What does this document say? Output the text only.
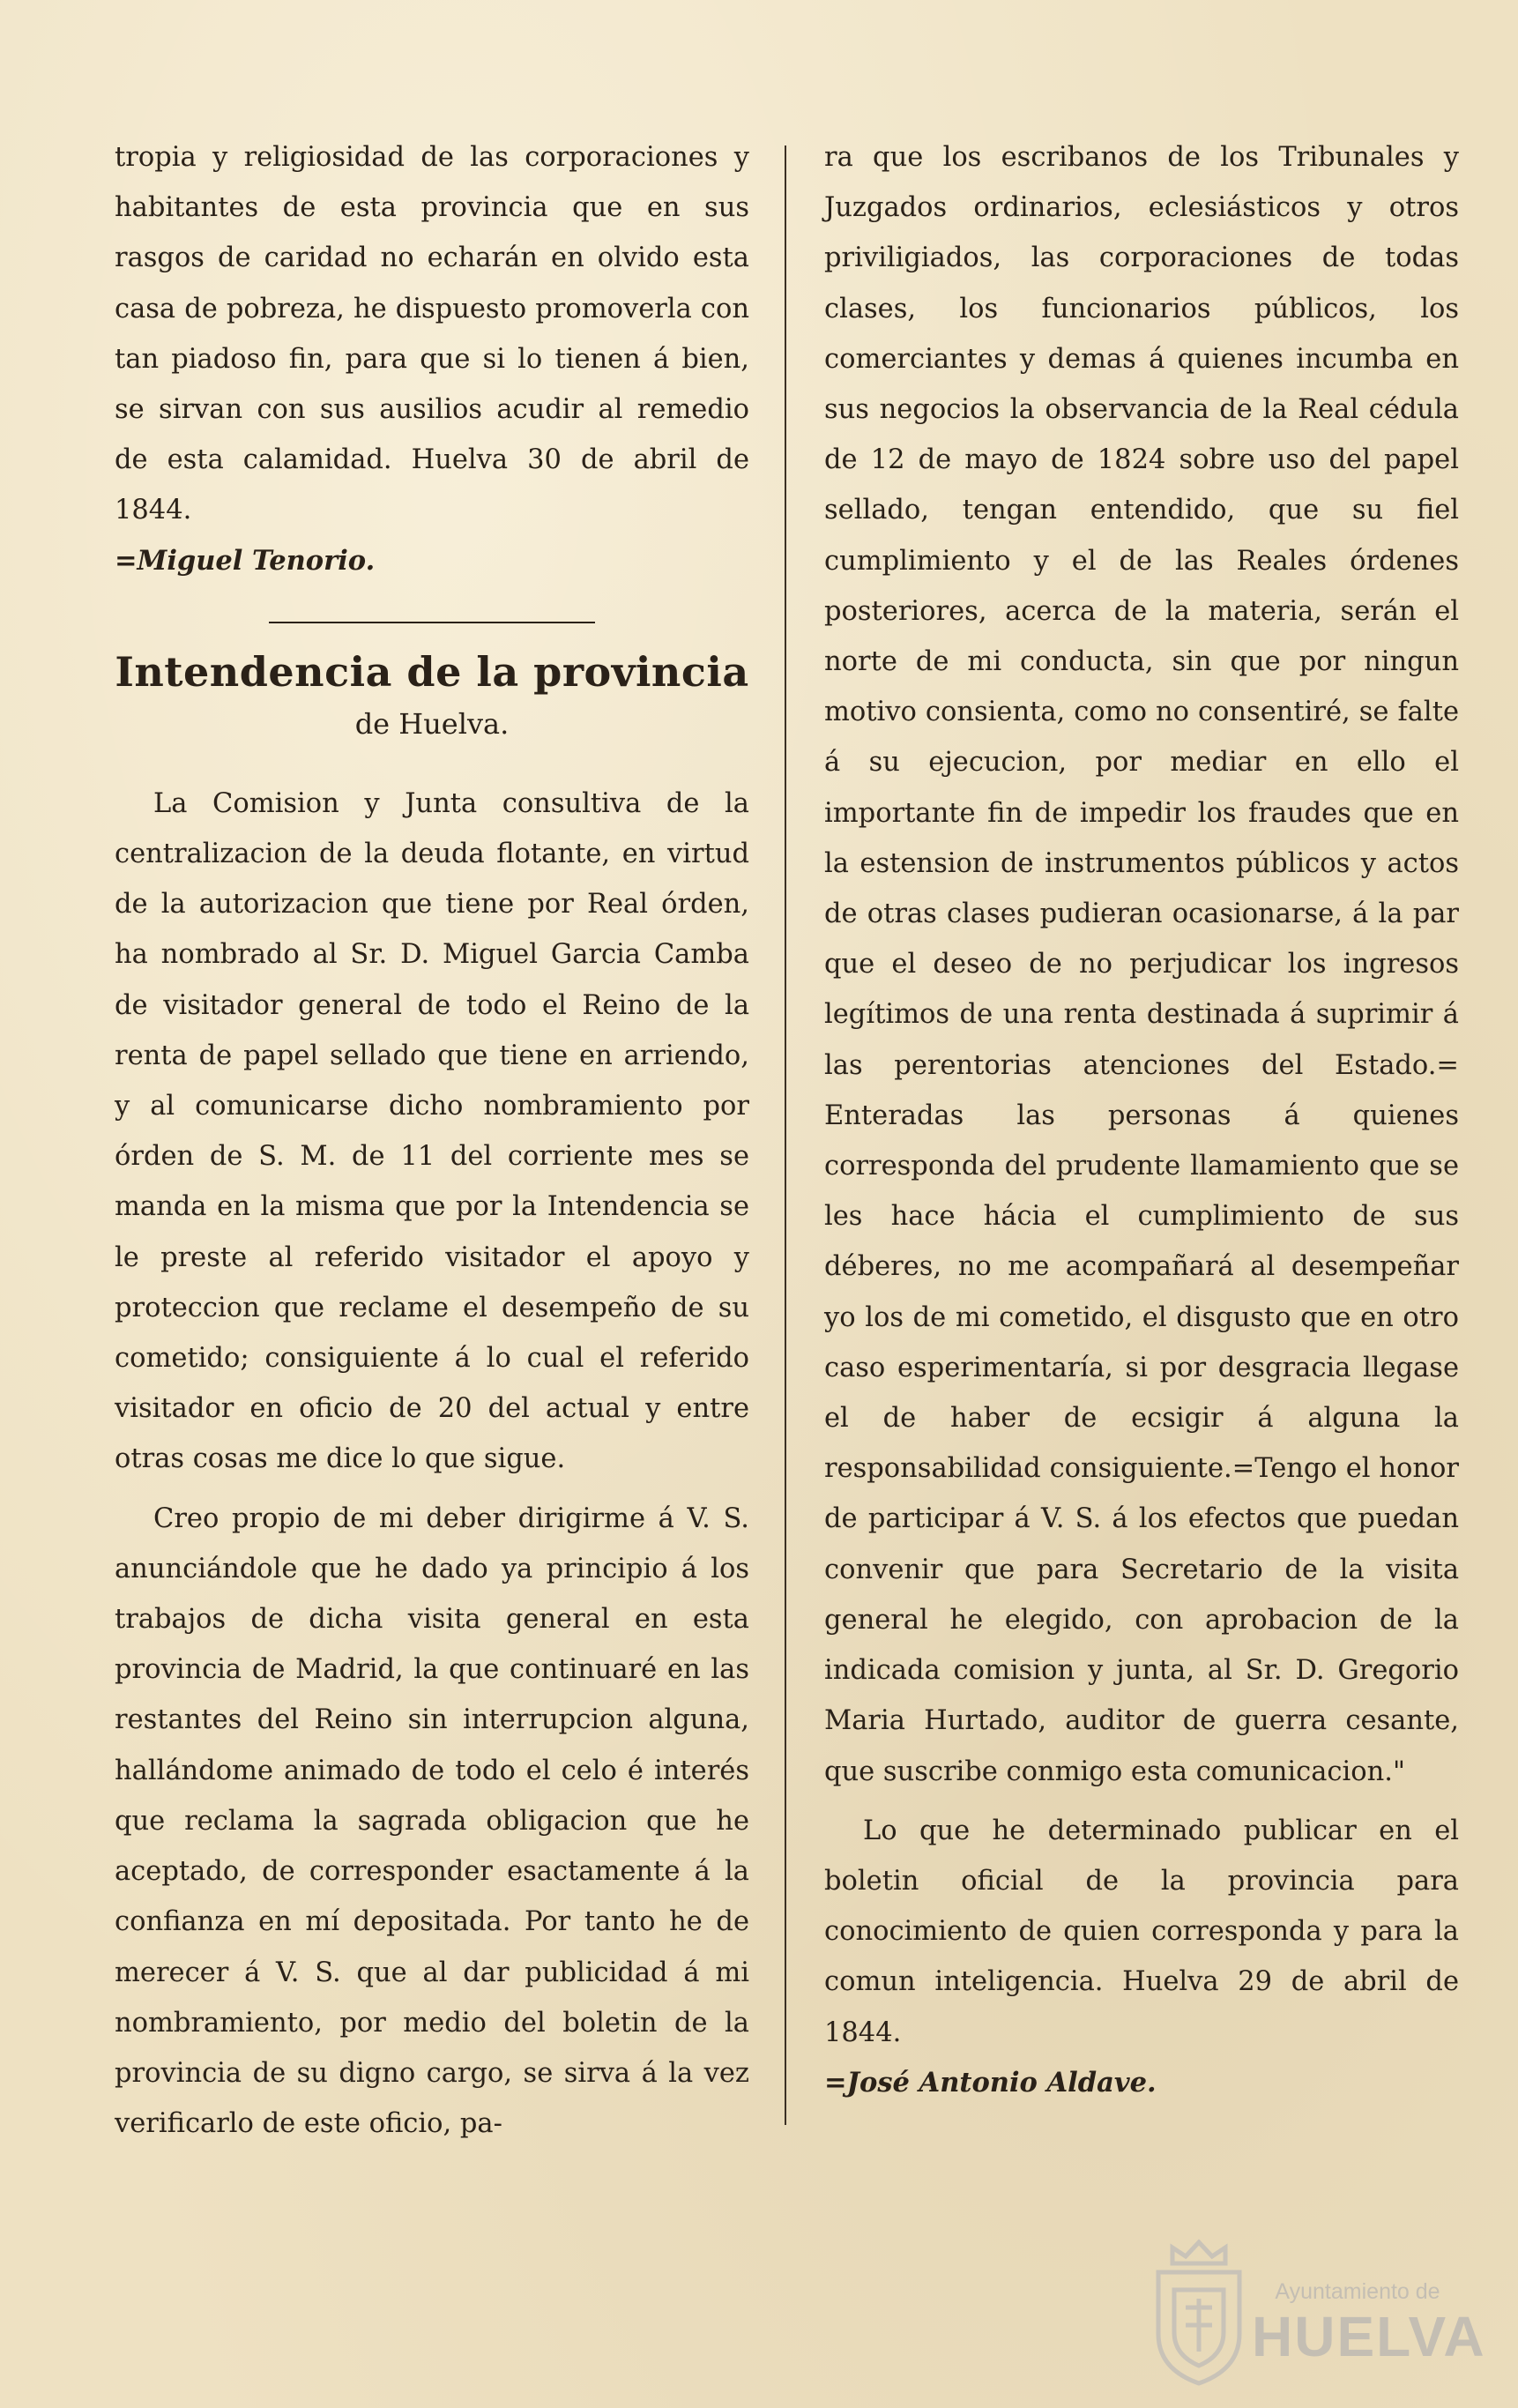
tropia y religiosidad de las corporaciones y habitantes de esta provincia que en sus rasgos de caridad no echarán en olvido esta casa de pobreza, he dispuesto promoverla con tan piadoso fin, para que si lo tienen á bien, se sirvan con sus ausilios acudir al remedio de esta calamidad. Huelva 30 de abril de 1844.

=Miguel Tenorio.

Intendencia de la provincia
de Huelva.

La Comision y Junta consultiva de la centralizacion de la deuda flotante, en virtud de la autorizacion que tiene por Real órden, ha nombrado al Sr. D. Miguel Garcia Camba de visitador general de todo el Reino de la renta de papel sellado que tiene en arriendo, y al comunicarse dicho nombramiento por órden de S. M. de 11 del corriente mes se manda en la misma que por la Intendencia se le preste al referido visitador el apoyo y proteccion que reclame el desempeño de su cometido; consiguiente á lo cual el referido visitador en oficio de 20 del actual y entre otras cosas me dice lo que sigue.

Creo propio de mi deber dirigirme á V. S. anunciándole que he dado ya principio á los trabajos de dicha visita general en esta provincia de Madrid, la que continuaré en las restantes del Reino sin interrupcion alguna, hallándome animado de todo el celo é interés que reclama la sagrada obligacion que he aceptado, de corresponder esactamente á la confianza en mí depositada. Por tanto he de merecer á V. S. que al dar publicidad á mi nombramiento, por medio del boletin de la provincia de su digno cargo, se sirva á la vez verificarlo de este oficio, pa-

ra que los escribanos de los Tribunales y Juzgados ordinarios, eclesiásticos y otros priviligiados, las corporaciones de todas clases, los funcionarios públicos, los comerciantes y demas á quienes incumba en sus negocios la observancia de la Real cédula de 12 de mayo de 1824 sobre uso del papel sellado, tengan entendido, que su fiel cumplimiento y el de las Reales órdenes posteriores, acerca de la materia, serán el norte de mi conducta, sin que por ningun motivo consienta, como no consentiré, se falte á su ejecucion, por mediar en ello el importante fin de impedir los fraudes que en la estension de instrumentos públicos y actos de otras clases pudieran ocasionarse, á la par que el deseo de no perjudicar los ingresos legítimos de una renta destinada á suprimir á las perentorias atenciones del Estado.= Enteradas las personas á quienes corresponda del prudente llamamiento que se les hace hácia el cumplimiento de sus déberes, no me acompañará al desempeñar yo los de mi cometido, el disgusto que en otro caso esperimentaría, si por desgracia llegase el de haber de ecsigir á alguna la responsabilidad consiguiente.=Tengo el honor de participar á V. S. á los efectos que puedan convenir que para Secretario de la visita general he elegido, con aprobacion de la indicada comision y junta, al Sr. D. Gregorio Maria Hurtado, auditor de guerra cesante, que suscribe conmigo esta comunicacion."

Lo que he determinado publicar en el boletin oficial de la provincia para conocimiento de quien corresponda y para la comun inteligencia. Huelva 29 de abril de 1844.

=José Antonio Aldave.

Ayuntamiento de
HUELVA
